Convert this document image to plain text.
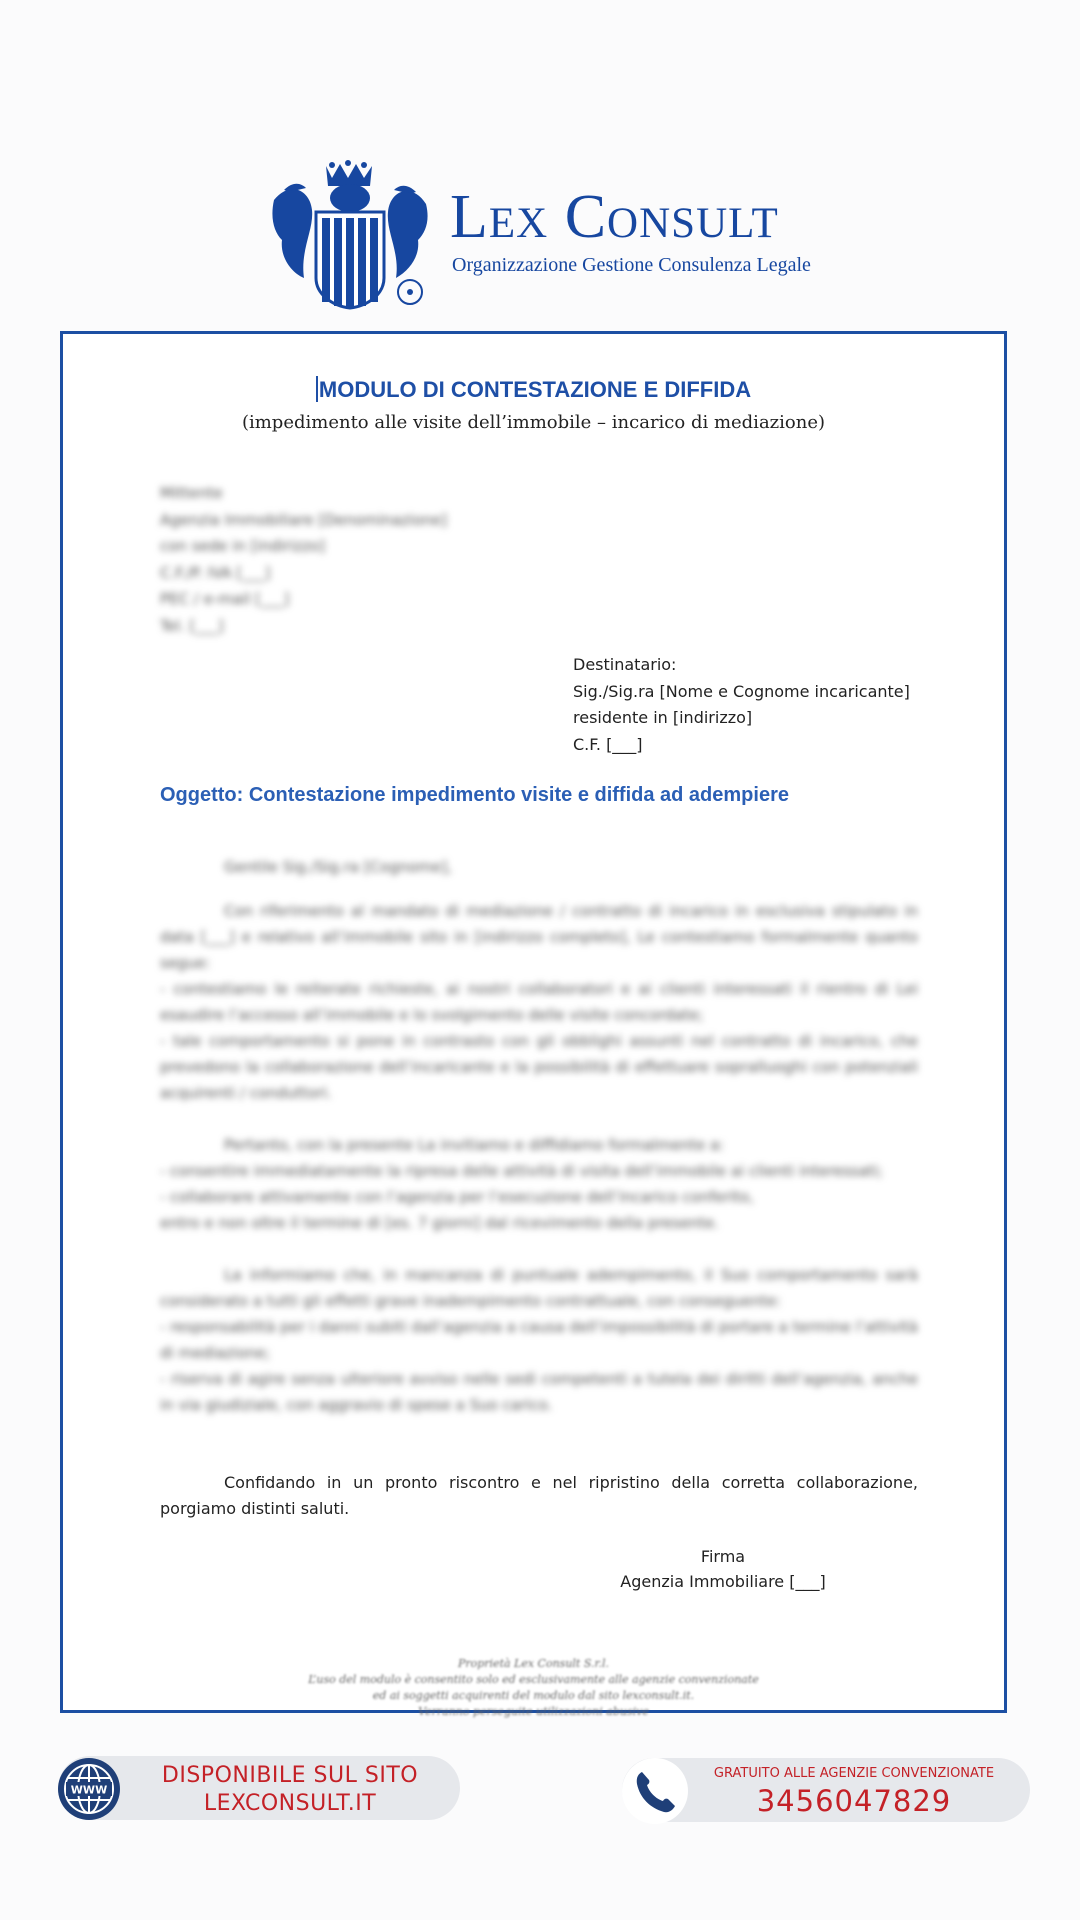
Lex Consult
Organizzazione Gestione Consulenza Legale
MODULO DI CONTESTAZIONE E DIFFIDA
(impedimento alle visite dell’immobile – incarico di mediazione)
Mittente
Agenzia Immobiliare [Denominazione]
con sede in [indirizzo]
C.F./P. IVA [___]
PEC / e-mail [___]
Tel. [___]
Destinatario:
Sig./Sig.ra [Nome e Cognome incaricante]
residente in [indirizzo]
C.F. [___]
Oggetto: Contestazione impedimento visite e diffida ad adempiere

Gentile Sig./Sig.ra [Cognome],

Con riferimento al mandato di mediazione / contratto di incarico in esclusiva stipulato in data [___] e relativo all’immobile sito in [indirizzo completo], Le contestiamo formalmente quanto segue:

- contestiamo le reiterate richieste, ai nostri collaboratori e ai clienti interessati il rientro di Lei esaudire l’accesso all’immobile e lo svolgimento delle visite concordate;

- tale comportamento si pone in contrasto con gli obblighi assunti nel contratto di incarico, che prevedono la collaborazione dell’incaricante e la possibilità di effettuare sopralluoghi con potenziali acquirenti / conduttori.

Pertanto, con la presente La invitiamo e diffidiamo formalmente a:

- consentire immediatamente la ripresa delle attività di visita dell’immobile ai clienti interessati;

- collaborare attivamente con l’agenzia per l’esecuzione dell’incarico conferito,

entro e non oltre il termine di [es. 7 giorni] dal ricevimento della presente.

La informiamo che, in mancanza di puntuale adempimento, il Suo comportamento sarà considerato a tutti gli effetti grave inadempimento contrattuale, con conseguente:

- responsabilità per i danni subiti dall’agenzia a causa dell’impossibilità di portare a termine l’attività di mediazione;

- riserva di agire senza ulteriore avviso nelle sedi competenti a tutela dei diritti dell’agenzia, anche in via giudiziale, con aggravio di spese a Suo carico.

Confidando in un pronto riscontro e nel ripristino della corretta collaborazione, porgiamo distinti saluti.
Firma
Agenzia Immobiliare [___]
Proprietà Lex Consult S.r.l.
L’uso del modulo è consentito solo ed esclusivamente alle agenzie convenzionate
ed ai soggetti acquirenti del modulo dal sito lexconsult.it.
Verranno perseguite utilizzazioni abusive
WWW
DISPONIBILE SUL SITO
LEXCONSULT.IT
GRATUITO ALLE AGENZIE CONVENZIONATE
3456047829
